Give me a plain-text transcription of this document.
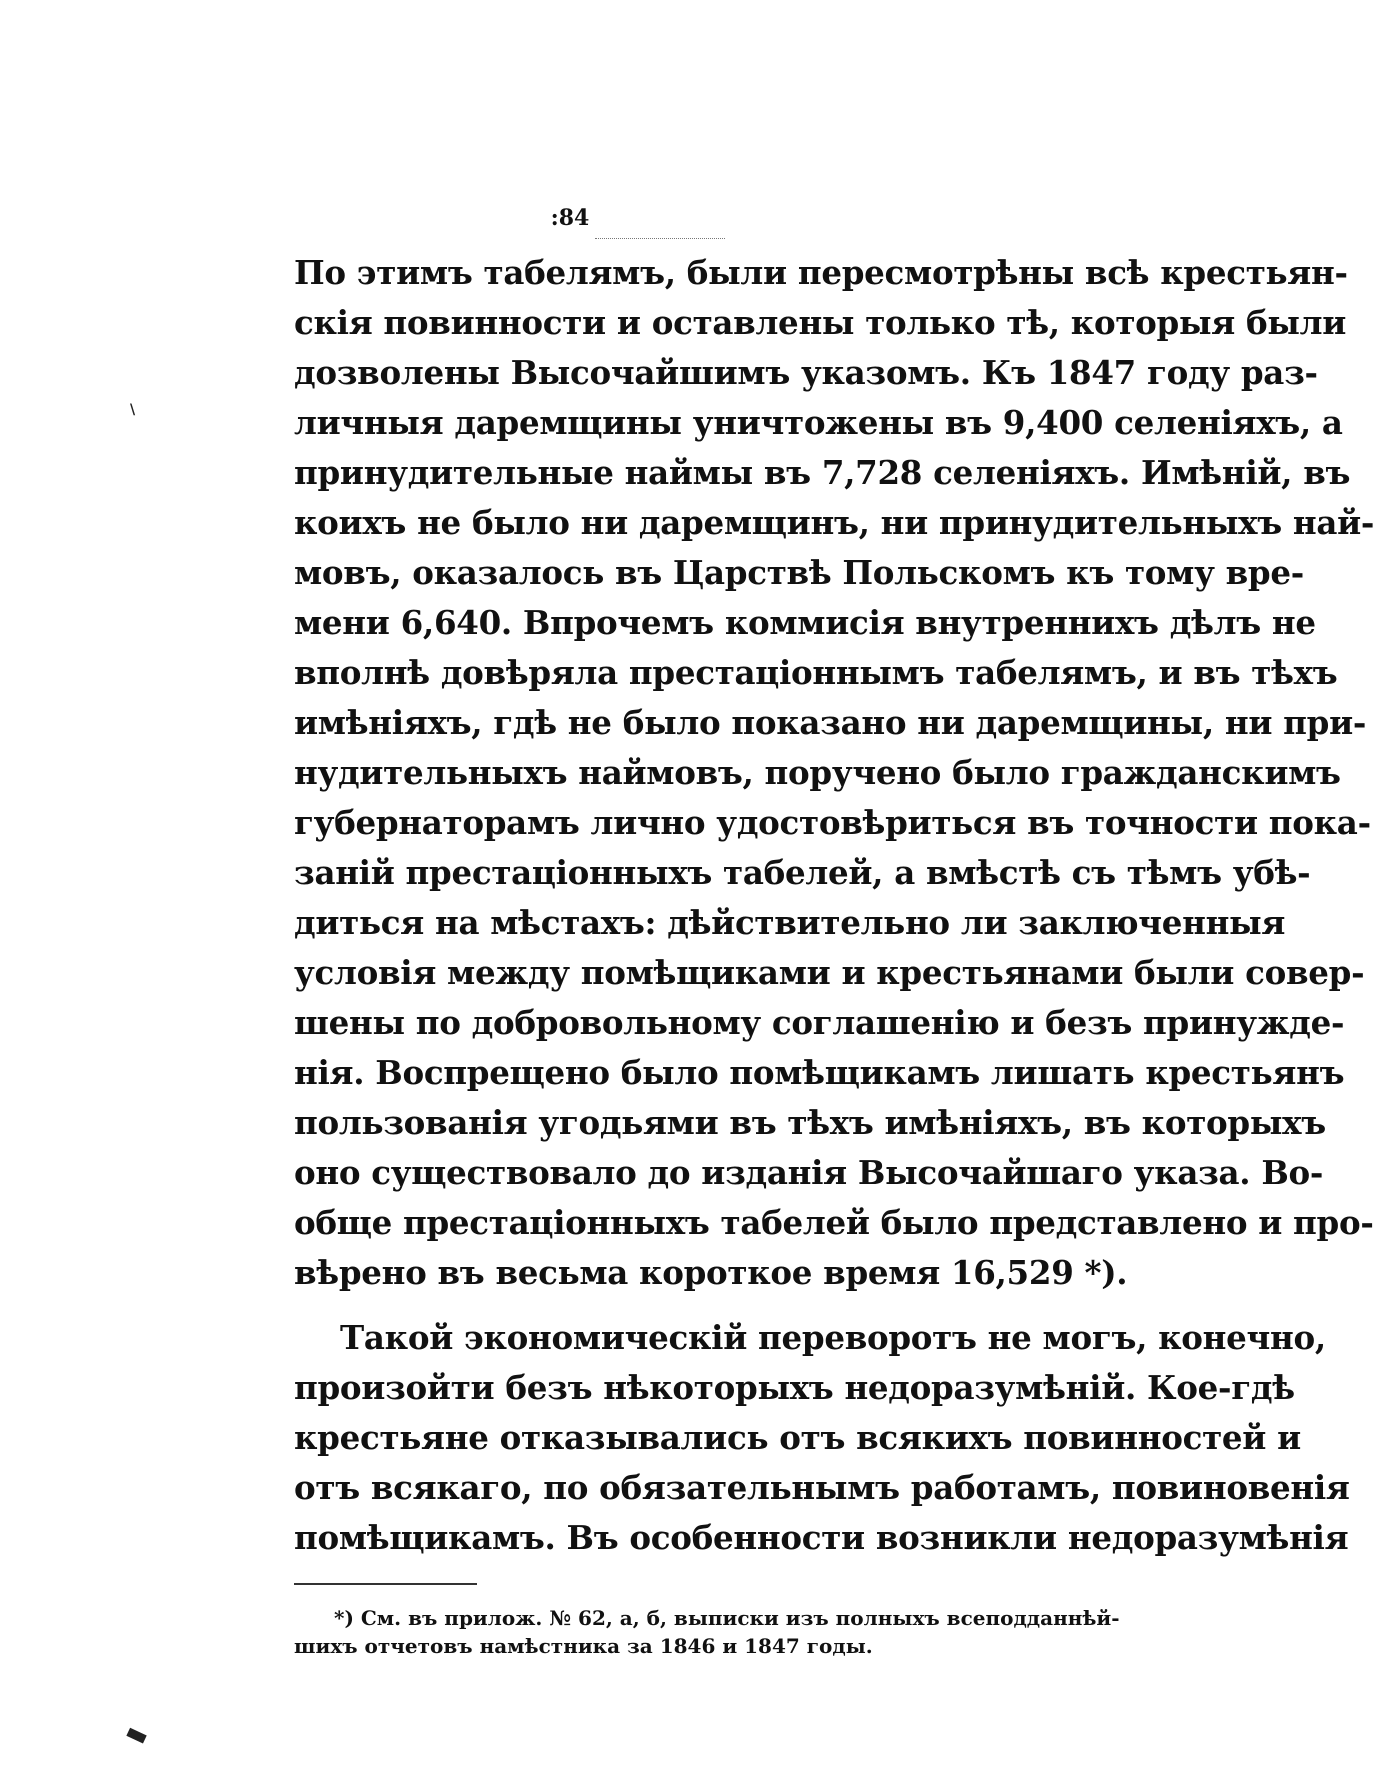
:84
По этимъ табелямъ, были пересмотрѣны всѣ крестьян-
скія повинности и оставлены только тѣ, которыя были
дозволены Высочайшимъ указомъ. Къ 1847 году раз-
личныя даремщины уничтожены въ 9,400 селеніяхъ, а
принудительные наймы въ 7,728 селеніяхъ. Имѣній, въ
коихъ не было ни даремщинъ, ни принудительныхъ най-
мовъ, оказалось въ Царствѣ Польскомъ къ тому вре-
мени 6,640. Впрочемъ коммисія внутреннихъ дѣлъ не
вполнѣ довѣряла престаціоннымъ табелямъ, и въ тѣхъ
имѣніяхъ, гдѣ не было показано ни даремщины, ни при-
нудительныхъ наймовъ, поручено было гражданскимъ
губернаторамъ лично удостовѣриться въ точности пока-
заній престаціонныхъ табелей, а вмѣстѣ съ тѣмъ убѣ-
диться на мѣстахъ: дѣйствительно ли заключенныя
условія между помѣщиками и крестьянами были совер-
шены по добровольному соглашенію и безъ принужде-
нія. Воспрещено было помѣщикамъ лишать крестьянъ
пользованія угодьями въ тѣхъ имѣніяхъ, въ которыхъ
оно существовало до изданія Высочайшаго указа. Во-
обще престаціонныхъ табелей было представлено и про-
вѣрено въ весьма короткое время 16,529 *).
Такой экономическій переворотъ не могъ, конечно,
произойти безъ нѣкоторыхъ недоразумѣній. Кое-гдѣ
крестьяне отказывались отъ всякихъ повинностей и
отъ всякаго, по обязательнымъ работамъ, повиновенія
помѣщикамъ. Въ особенности возникли недоразумѣнія
*) См. въ прилож. № 62, а, б, выписки изъ полныхъ всеподданнѣй-
шихъ отчетовъ намѣстника за 1846 и 1847 годы.
▬
\
